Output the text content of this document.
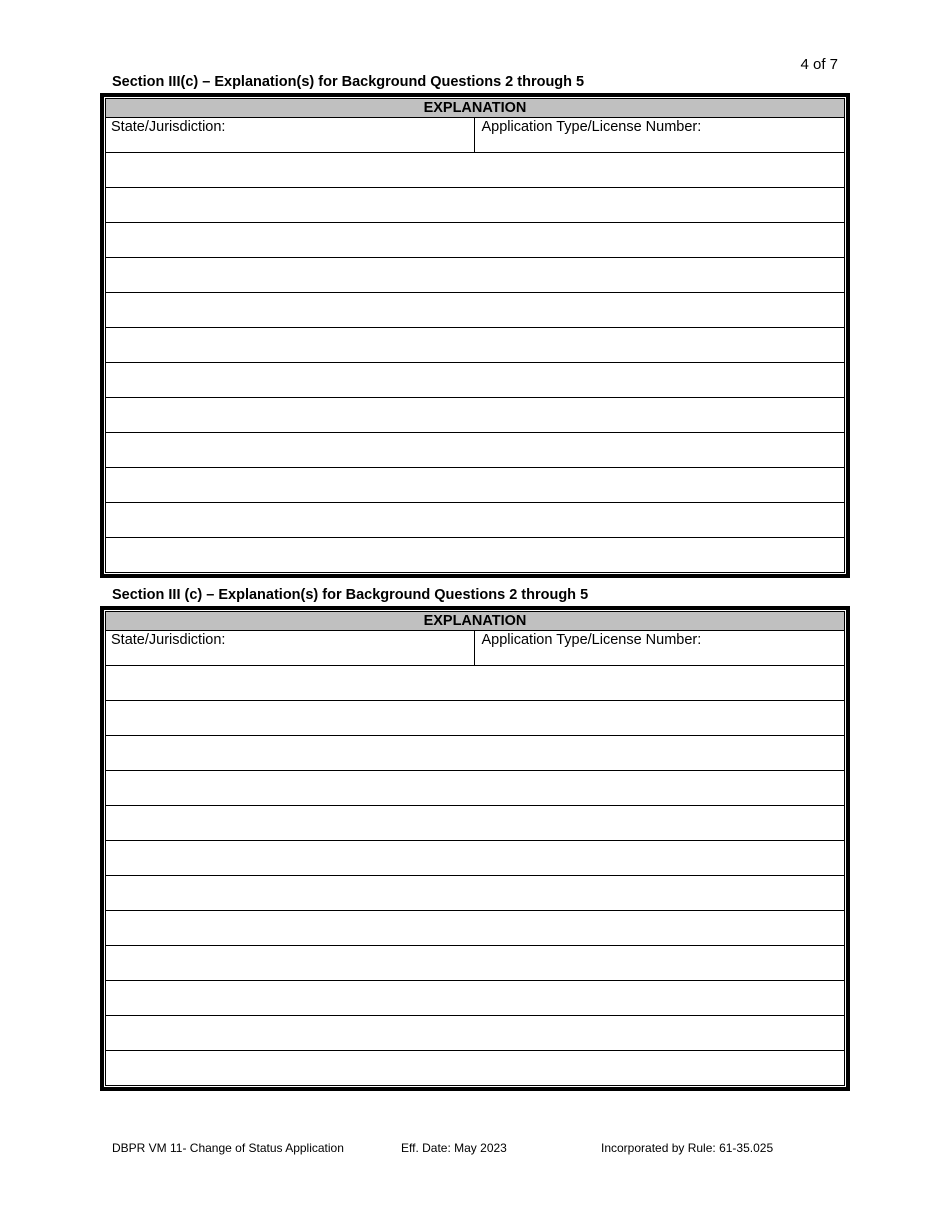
4 of 7
Section III(c) – Explanation(s) for Background Questions 2 through 5
EXPLANATION
State/Jurisdiction:	Application Type/License Number:
Section III (c) – Explanation(s) for Background Questions 2 through 5
EXPLANATION
State/Jurisdiction:	Application Type/License Number:
DBPR VM 11- Change of Status Application	Eff. Date: May 2023	Incorporated by Rule: 61-35.025
